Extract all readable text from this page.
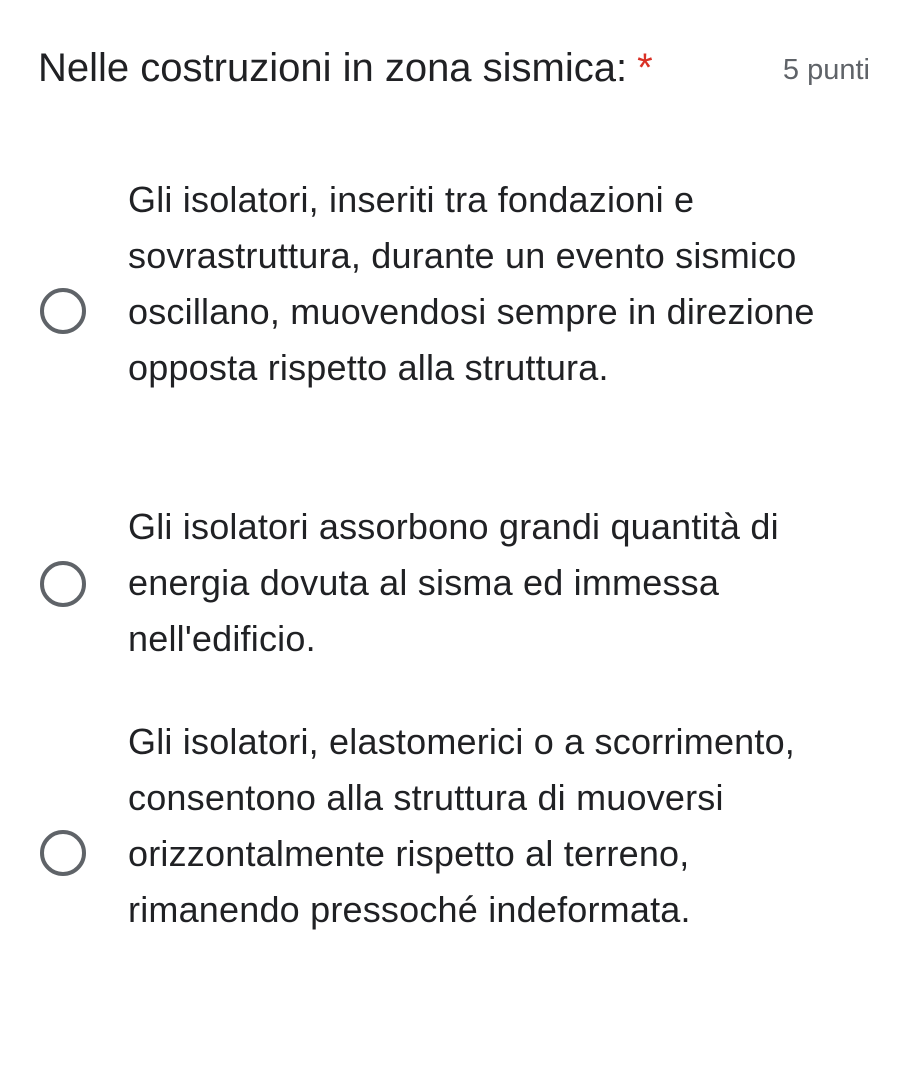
Nelle costruzioni in zona sismica: *	5 punti
Gli isolatori, inseriti tra fondazioni e sovrastruttura, durante un evento sismico oscillano, muovendosi sempre in direzione opposta rispetto alla struttura.
Gli isolatori assorbono grandi quantità di energia dovuta al sisma ed immessa nell'edificio.
Gli isolatori, elastomerici o a scorrimento, consentono alla struttura di muoversi orizzontalmente rispetto al terreno, rimanendo pressoché indeformata.
